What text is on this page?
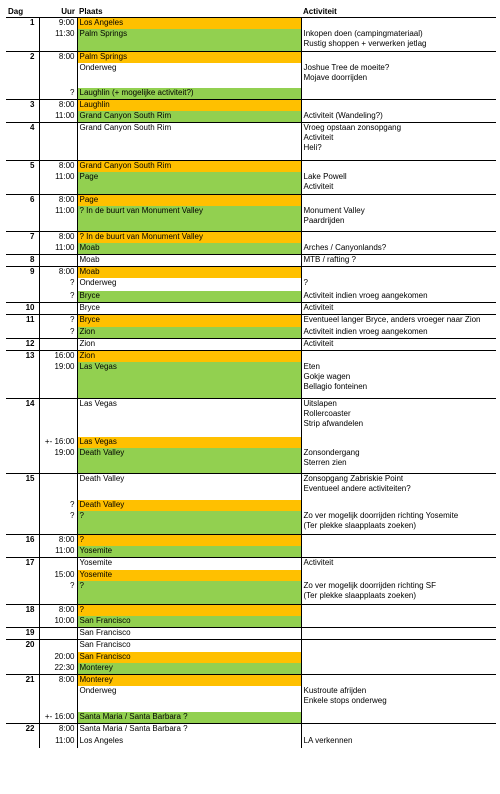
Dag	Uur	Plaats	Activiteit
1	9:00	Los Angeles	
	11:30	Palm Springs	Inkopen doen (campingmateriaal)
Rustig shoppen + verwerken jetlag

2	8:00	Palm Springs	
		Onderweg	Joshue Tree de moeite?
Mojave doorrijden

	?	Laughlin (+ mogelijke activiteit?)	
3	8:00	Laughlin	
	11:00	Grand Canyon South Rim	Activiteit (Wandeling?)

4		Grand Canyon South Rim	Vroeg opstaan zonsopgang
Activiteit
Heli?

5	8:00	Grand Canyon South Rim	
	11:00	Page	Lake Powell
Activiteit

6	8:00	Page	
	11:00	? In de buurt van Monument Valley	Monument Valley
Paardrijden

7	8:00	? In de buurt van Monument Valley	
	11:00	Moab	Arches / Canyonlands?

8		Moab	MTB / rafting ?

9	8:00	Moab	
	?	Onderweg	?

	?	Bryce	Activiteit indien vroeg aangekomen

10		Bryce	Activiteit

11	?	Bryce	Eventueel langer Bryce, anders vroeger naar Zion

	?	Zion	Activiteit indien vroeg aangekomen

12		Zion	Activiteit

13	16:00	Zion	
	19:00	Las Vegas	Eten
Gokje wagen
Bellagio fonteinen

14		Las Vegas	Uitslapen
Rollercoaster
Strip afwandelen

	+- 16:00	Las Vegas	
	19:00	Death Valley	Zonsondergang
Sterren zien

15		Death Valley	Zonsopgang Zabriskie Point
Eventueel andere activiteiten?

	?	Death Valley	
	?	?	Zo ver mogelijk doorrijden richting Yosemite
(Ter plekke slaapplaats zoeken)

16	8:00	?	
	11:00	Yosemite	
17		Yosemite	Activiteit

	15:00	Yosemite	
	?	?	Zo ver mogelijk doorrijden richting SF
(Ter plekke slaapplaats zoeken)

18	8:00	?	
	10:00	San Francisco	
19		San Francisco	
20		San Francisco	
	20:00	San Francisco	
	22:30	Monterey	
21	8:00	Monterey	
		Onderweg	Kustroute afrijden
Enkele stops onderweg

	+- 16:00	Santa Maria / Santa Barbara ?	
22	8:00	Santa Maria / Santa Barbara ?	
	11:00	Los Angeles	LA verkennen
